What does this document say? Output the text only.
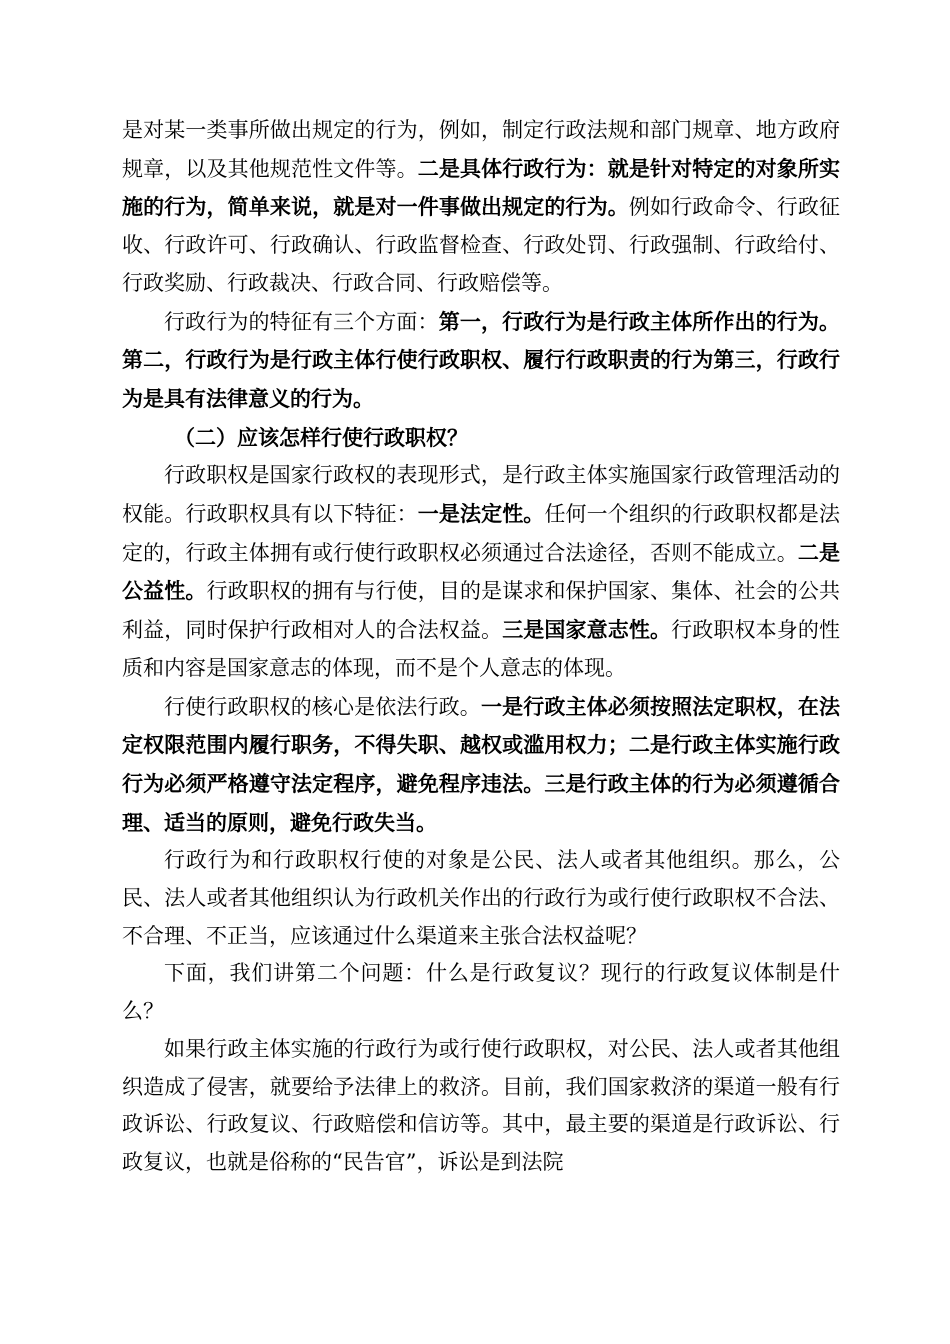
是对某一类事所做出规定的行为，例如，制定行政法规和部门规章、地方政府规章，以及其他规范性文件等。二是具体行政行为：就是针对特定的对象所实施的行为，简单来说，就是对一件事做出规定的行为。例如行政命令、行政征收、行政许可、行政确认、行政监督检查、行政处罚、行政强制、行政给付、行政奖励、行政裁决、行政合同、行政赔偿等。

行政行为的特征有三个方面：第一，行政行为是行政主体所作出的行为。第二，行政行为是行政主体行使行政职权、履行行政职责的行为第三，行政行为是具有法律意义的行为。

（二）应该怎样行使行政职权？

行政职权是国家行政权的表现形式，是行政主体实施国家行政管理活动的权能。行政职权具有以下特征：一是法定性。任何一个组织的行政职权都是法定的，行政主体拥有或行使行政职权必须通过合法途径，否则不能成立。二是公益性。行政职权的拥有与行使，目的是谋求和保护国家、集体、社会的公共利益，同时保护行政相对人的合法权益。三是国家意志性。行政职权本身的性质和内容是国家意志的体现，而不是个人意志的体现。

行使行政职权的核心是依法行政。一是行政主体必须按照法定职权，在法定权限范围内履行职务，不得失职、越权或滥用权力；二是行政主体实施行政行为必须严格遵守法定程序，避免程序违法。三是行政主体的行为必须遵循合理、适当的原则，避免行政失当。

行政行为和行政职权行使的对象是公民、法人或者其他组织。那么，公民、法人或者其他组织认为行政机关作出的行政行为或行使行政职权不合法、不合理、不正当，应该通过什么渠道来主张合法权益呢？

下面，我们讲第二个问题：什么是行政复议？现行的行政复议体制是什么？

如果行政主体实施的行政行为或行使行政职权，对公民、法人或者其他组织造成了侵害，就要给予法律上的救济。目前，我们国家救济的渠道一般有行政诉讼、行政复议、行政赔偿和信访等。其中，最主要的渠道是行政诉讼、行政复议，也就是俗称的“民告官”，诉讼是到法院
